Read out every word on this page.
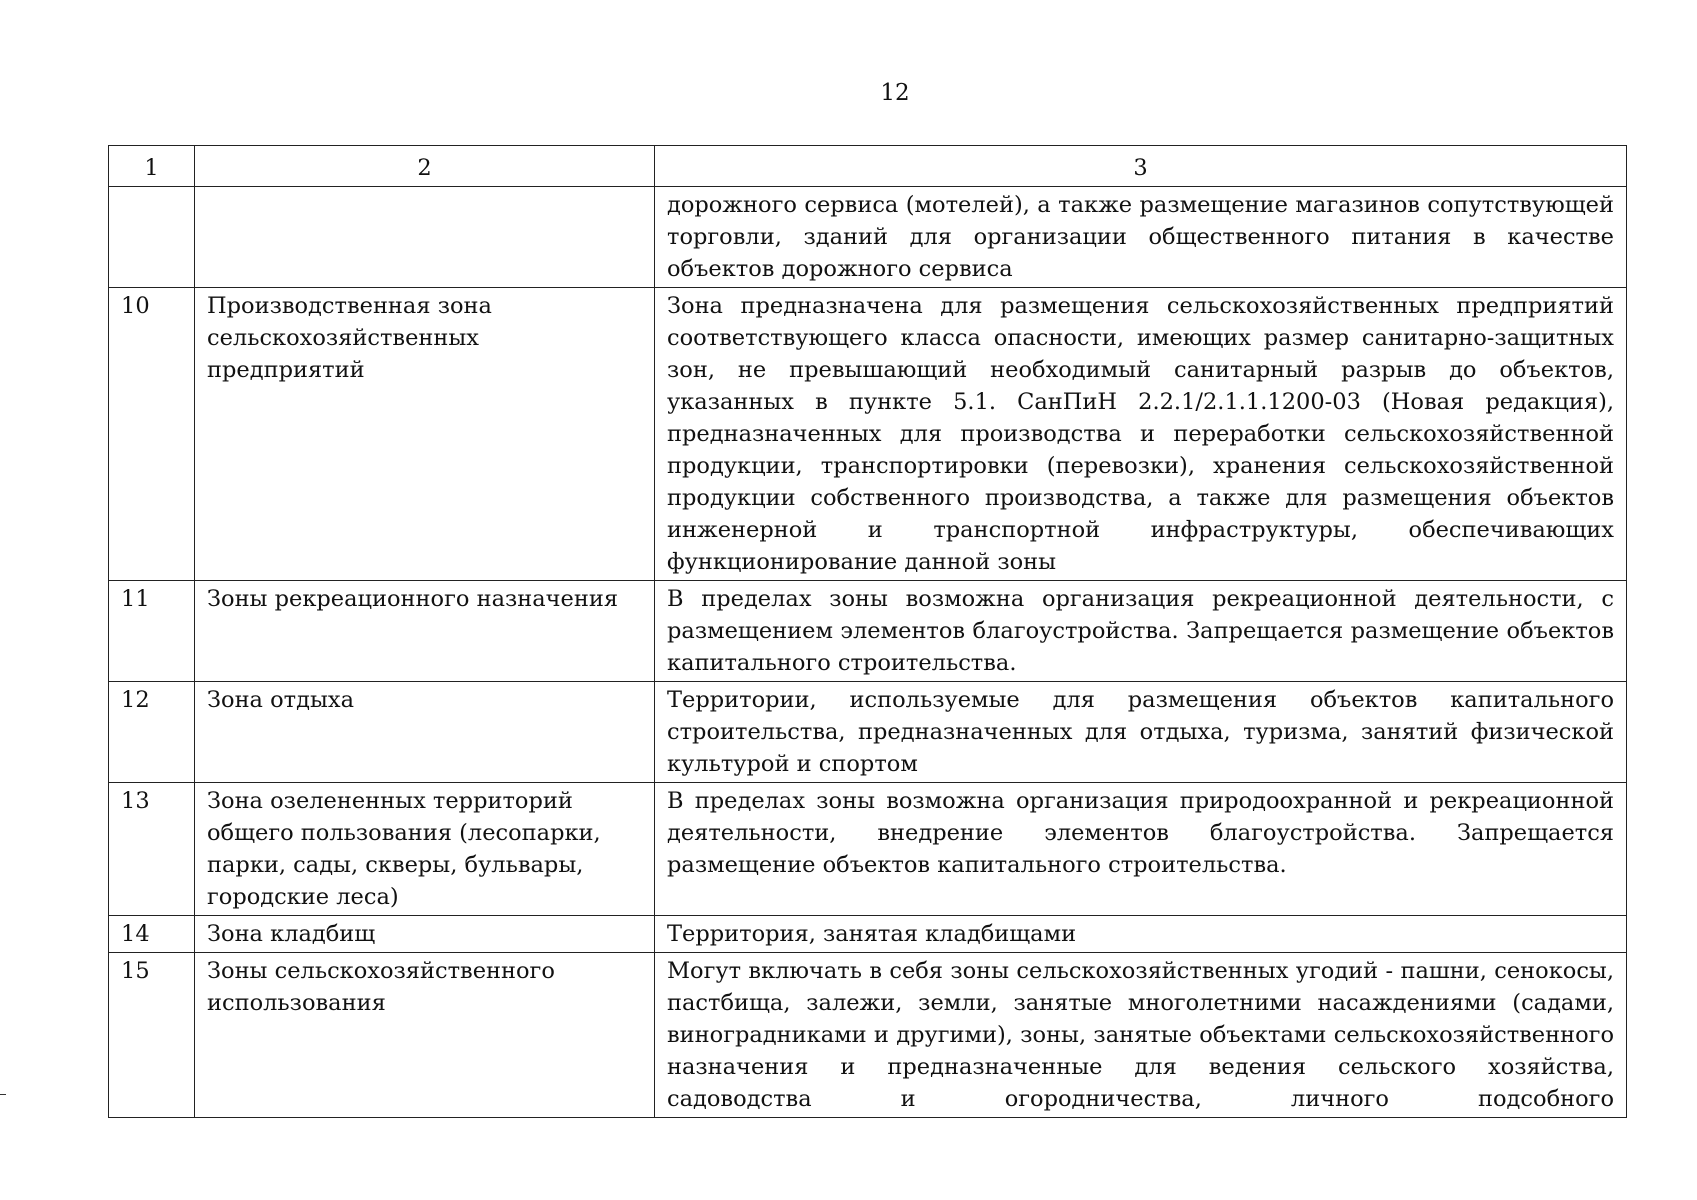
12
1	2	3
		дорожного сервиса (мотелей), а также размещение магазинов сопутствующей торговли, зданий для организации общественного питания в качестве объектов дорожного сервиса
10	Производственная зона сельскохозяйственных предприятий	Зона предназначена для размещения сельскохозяйственных предприятий соответствующего класса опасности, имеющих размер санитарно-защитных зон, не превышающий необходимый санитарный разрыв до объектов, указанных в пункте 5.1. СанПиН 2.2.1/2.1.1.1200-03 (Новая редакция), предназначенных для производства и переработки сельскохозяйственной продукции, транспортировки (перевозки), хранения сельскохозяйственной продукции собственного производства, а также для размещения объектов инженерной и транспортной инфраструктуры, обеспечивающих функционирование данной зоны
11	Зоны рекреационного назначения	В пределах зоны возможна организация рекреационной деятельности, с размещением элементов благоустройства. Запрещается размещение объектов капитального строительства.
12	Зона отдыха	Территории, используемые для размещения объектов капитального строительства, предназначенных для отдыха, туризма, занятий физической культурой и спортом
13	Зона озелененных территорий общего пользования (лесопарки, парки, сады, скверы, бульвары, городские леса)	В пределах зоны возможна организация природоохранной и рекреационной деятельности, внедрение элементов благоустройства. Запрещается размещение объектов капитального строительства.
14	Зона кладбищ	Территория, занятая кладбищами
15	Зоны сельскохозяйственного использования	Могут включать в себя зоны сельскохозяйственных угодий - пашни, сенокосы, пастбища, залежи, земли, занятые многолетними насаждениями (садами, виноградниками и другими), зоны, занятые объектами сельскохозяйственного назначения и предназначенные для ведения сельского хозяйства, садоводства и огородничества, личного подсобного
